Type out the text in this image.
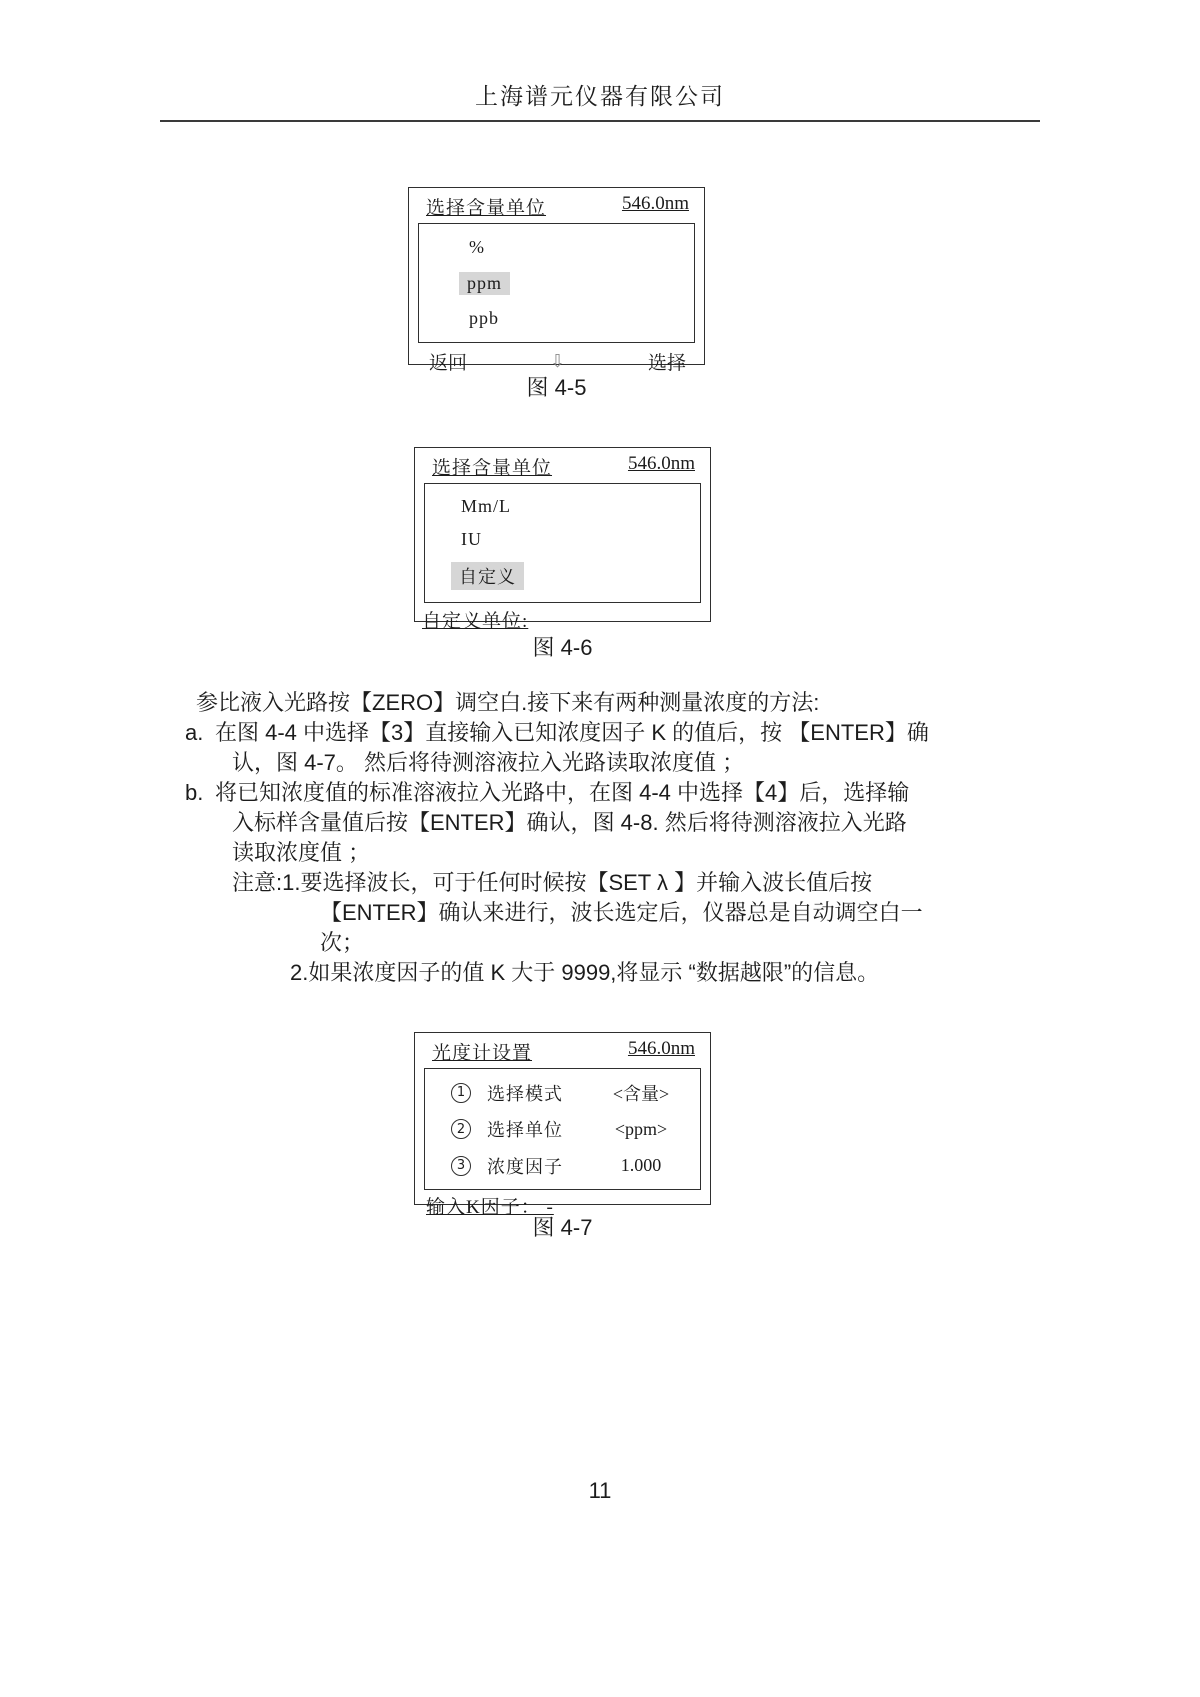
上海谱元仪器有限公司
选择含量单位	546.0nm
%
ppm
ppb
返回	⇩	选择
图 4-5
选择含量单位	546.0nm
Mm/L
IU
自定义
自定义单位:
图 4-6
参比液入光路按【ZERO】调空白.接下来有两种测量浓度的方法:
a. 在图 4-4 中选择【3】直接输入已知浓度因子 K 的值后，按 【ENTER】确
认，图 4-7。 然后将待测溶液拉入光路读取浓度值 ；
b. 将已知浓度值的标准溶液拉入光路中，在图 4-4 中选择【4】后，选择输
入标样含量值后按【ENTER】确认，图 4-8. 然后将待测溶液拉入光路
读取浓度值 ；
注意:1.要选择波长，可于任何时候按【SET λ 】并输入波长值后按
【ENTER】确认来进行，波长选定后，仪器总是自动调空白一
次；
2.如果浓度因子的值 K 大于 9999,将显示 “数据越限”的信息。
光度计设置	546.0nm
1	选择模式	<含量>
2	选择单位	<ppm>
3	浓度因子	1.000
输入K因子： -
图 4-7
11
